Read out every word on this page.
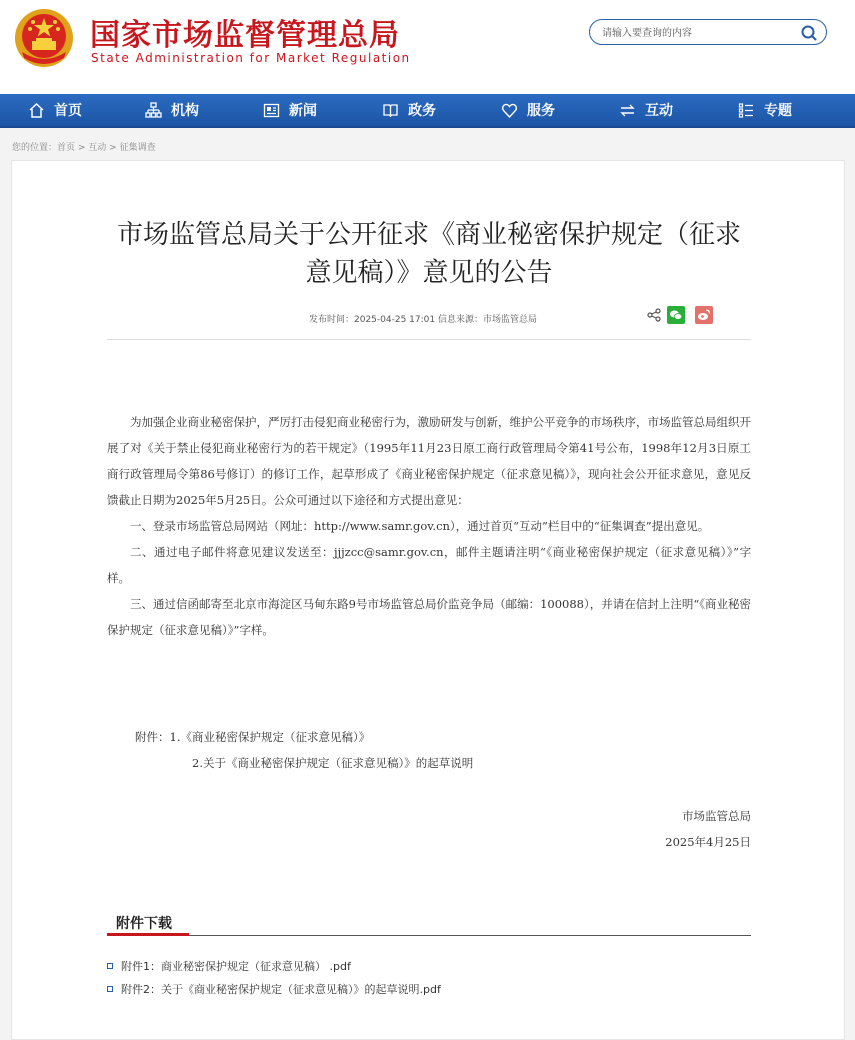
国家市场监督管理总局
State Administration for Market Regulation
请输入要查询的内容
首页	机构	新闻	政务	服务	互动	专题
您的位置：首页 > 互动 > 征集调查
市场监管总局关于公开征求《商业秘密保护规定（征求意见稿）》意见的公告
发布时间：2025-04-25 17:01 信息来源：市场监管总局

为加强企业商业秘密保护，严厉打击侵犯商业秘密行为，激励研发与创新，维护公平竞争的市场秩序，市场监管总局组织开展了对《关于禁止侵犯商业秘密行为的若干规定》（1995年11月23日原工商行政管理局令第41号公布，1998年12月3日原工商行政管理局令第86号修订）的修订工作，起草形成了《商业秘密保护规定（征求意见稿）》，现向社会公开征求意见，意见反馈截止日期为2025年5月25日。公众可通过以下途径和方式提出意见：

一、登录市场监管总局网站（网址：http://www.samr.gov.cn），通过首页“互动”栏目中的“征集调查”提出意见。

二、通过电子邮件将意见建议发送至：jjjzcc@samr.gov.cn，邮件主题请注明“《商业秘密保护规定（征求意见稿）》”字样。

三、通过信函邮寄至北京市海淀区马甸东路9号市场监管总局价监竞争局（邮编：100088），并请在信封上注明“《商业秘密保护规定（征求意见稿）》”字样。

附件：1.《商业秘密保护规定（征求意见稿）》
2.关于《商业秘密保护规定（征求意见稿）》的起草说明
市场监管总局
2025年4月25日
附件下载
附件1：商业秘密保护规定（征求意见稿） .pdf
附件2：关于《商业秘密保护规定（征求意见稿）》的起草说明.pdf
